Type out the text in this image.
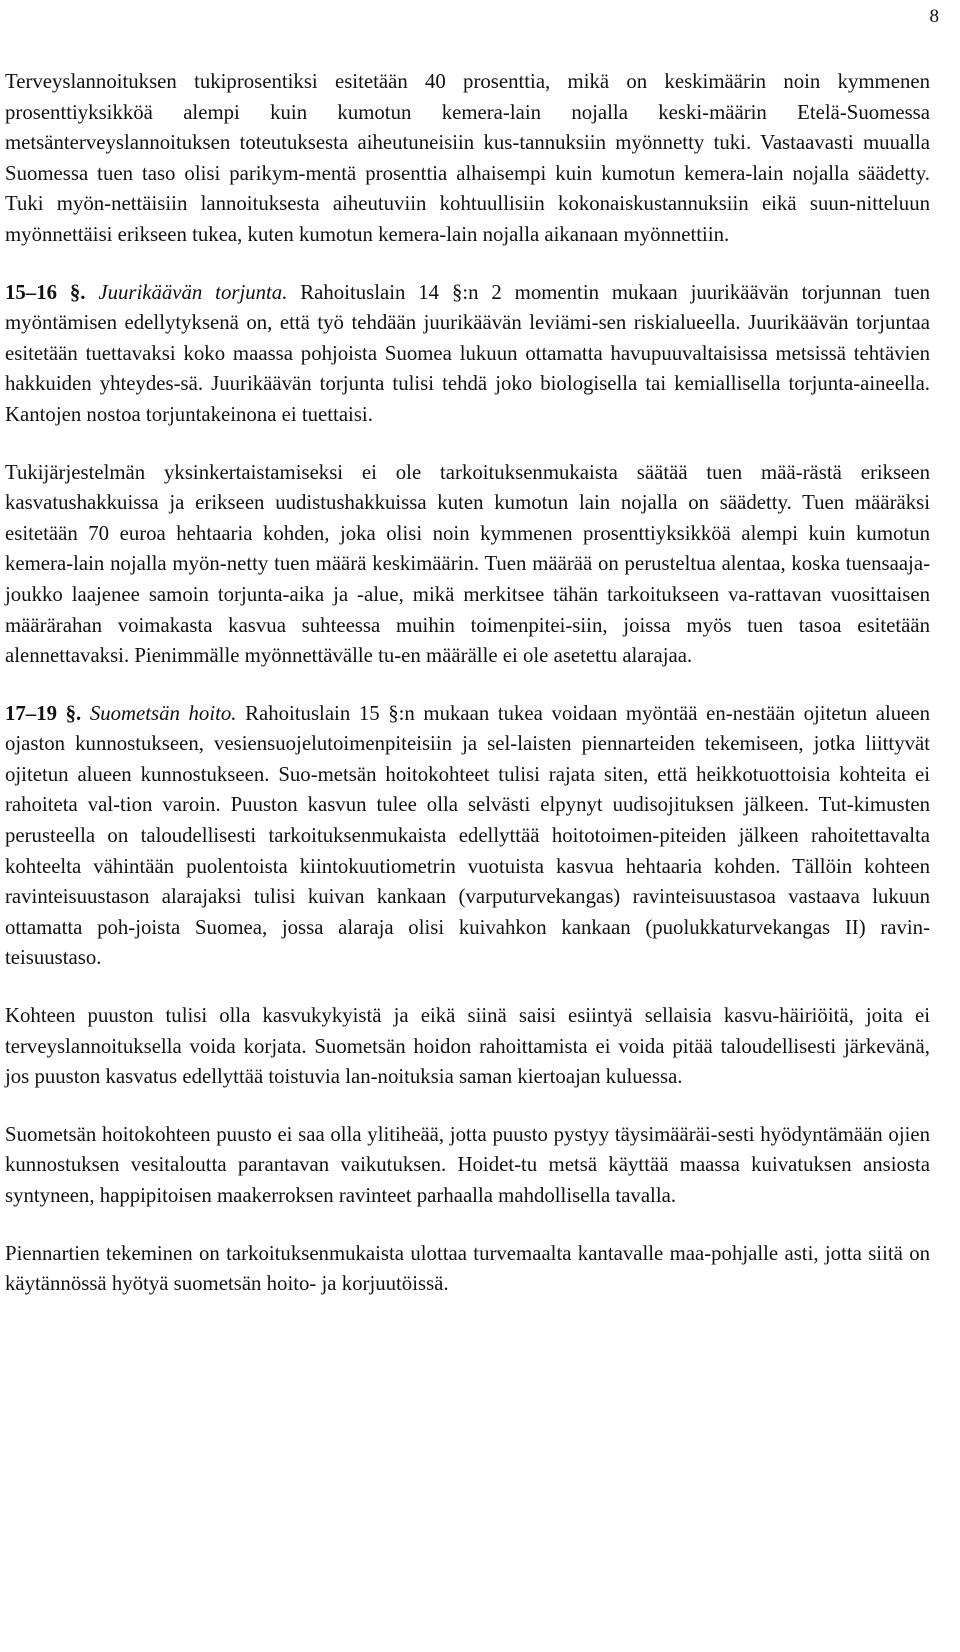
8

Terveyslannoituksen tukiprosentiksi esitetään 40 prosenttia, mikä on keskimäärin noin kymmenen prosenttiyksikköä alempi kuin kumotun kemera-lain nojalla keski-määrin Etelä-Suomessa metsänterveyslannoituksen toteutuksesta aiheutuneisiin kus-tannuksiin myönnetty tuki. Vastaavasti muualla Suomessa tuen taso olisi parikym-mentä prosenttia alhaisempi kuin kumotun kemera-lain nojalla säädetty. Tuki myön-nettäisiin lannoituksesta aiheutuviin kohtuullisiin kokonaiskustannuksiin eikä suun-nitteluun myönnettäisi erikseen tukea, kuten kumotun kemera-lain nojalla aikanaan myönnettiin.

15–16 §. Juurikäävän torjunta. Rahoituslain 14 §:n 2 momentin mukaan juurikäävän torjunnan tuen myöntämisen edellytyksenä on, että työ tehdään juurikäävän leviämi-sen riskialueella. Juurikäävän torjuntaa esitetään tuettavaksi koko maassa pohjoista Suomea lukuun ottamatta havupuuvaltaisissa metsissä tehtävien hakkuiden yhteydes-sä. Juurikäävän torjunta tulisi tehdä joko biologisella tai kemiallisella torjunta-aineella. Kantojen nostoa torjuntakeinona ei tuettaisi.

Tukijärjestelmän yksinkertaistamiseksi ei ole tarkoituksenmukaista säätää tuen mää-rästä erikseen kasvatushakkuissa ja erikseen uudistushakkuissa kuten kumotun lain nojalla on säädetty. Tuen määräksi esitetään 70 euroa hehtaaria kohden, joka olisi noin kymmenen prosenttiyksikköä alempi kuin kumotun kemera-lain nojalla myön-netty tuen määrä keskimäärin. Tuen määrää on perusteltua alentaa, koska tuensaaja-joukko laajenee samoin torjunta-aika ja -alue, mikä merkitsee tähän tarkoitukseen va-rattavan vuosittaisen määrärahan voimakasta kasvua suhteessa muihin toimenpitei-siin, joissa myös tuen tasoa esitetään alennettavaksi. Pienimmälle myönnettävälle tu-en määrälle ei ole asetettu alarajaa.

17–19 §. Suometsän hoito. Rahoituslain 15 §:n mukaan tukea voidaan myöntää en-nestään ojitetun alueen ojaston kunnostukseen, vesiensuojelutoimenpiteisiin ja sel-laisten piennarteiden tekemiseen, jotka liittyvät ojitetun alueen kunnostukseen. Suo-metsän hoitokohteet tulisi rajata siten, että heikkotuottoisia kohteita ei rahoiteta val-tion varoin. Puuston kasvun tulee olla selvästi elpynyt uudisojituksen jälkeen. Tut-kimusten perusteella on taloudellisesti tarkoituksenmukaista edellyttää hoitotoimen-piteiden jälkeen rahoitettavalta kohteelta vähintään puolentoista kiintokuutiometrin vuotuista kasvua hehtaaria kohden. Tällöin kohteen ravinteisuustason alarajaksi tulisi kuivan kankaan (varputurvekangas) ravinteisuustasoa vastaava lukuun ottamatta poh-joista Suomea, jossa alaraja olisi kuivahkon kankaan (puolukkaturvekangas II) ravin-teisuustaso.

Kohteen puuston tulisi olla kasvukykyistä ja eikä siinä saisi esiintyä sellaisia kasvu-häiriöitä, joita ei terveyslannoituksella voida korjata. Suometsän hoidon rahoittamista ei voida pitää taloudellisesti järkevänä, jos puuston kasvatus edellyttää toistuvia lan-noituksia saman kiertoajan kuluessa.

Suometsän hoitokohteen puusto ei saa olla ylitiheää, jotta puusto pystyy täysimääräi-sesti hyödyntämään ojien kunnostuksen vesitaloutta parantavan vaikutuksen. Hoidet-tu metsä käyttää maassa kuivatuksen ansiosta syntyneen, happipitoisen maakerroksen ravinteet parhaalla mahdollisella tavalla.

Piennartien tekeminen on tarkoituksenmukaista ulottaa turvemaalta kantavalle maa-pohjalle asti, jotta siitä on käytännössä hyötyä suometsän hoito- ja korjuutöissä.
